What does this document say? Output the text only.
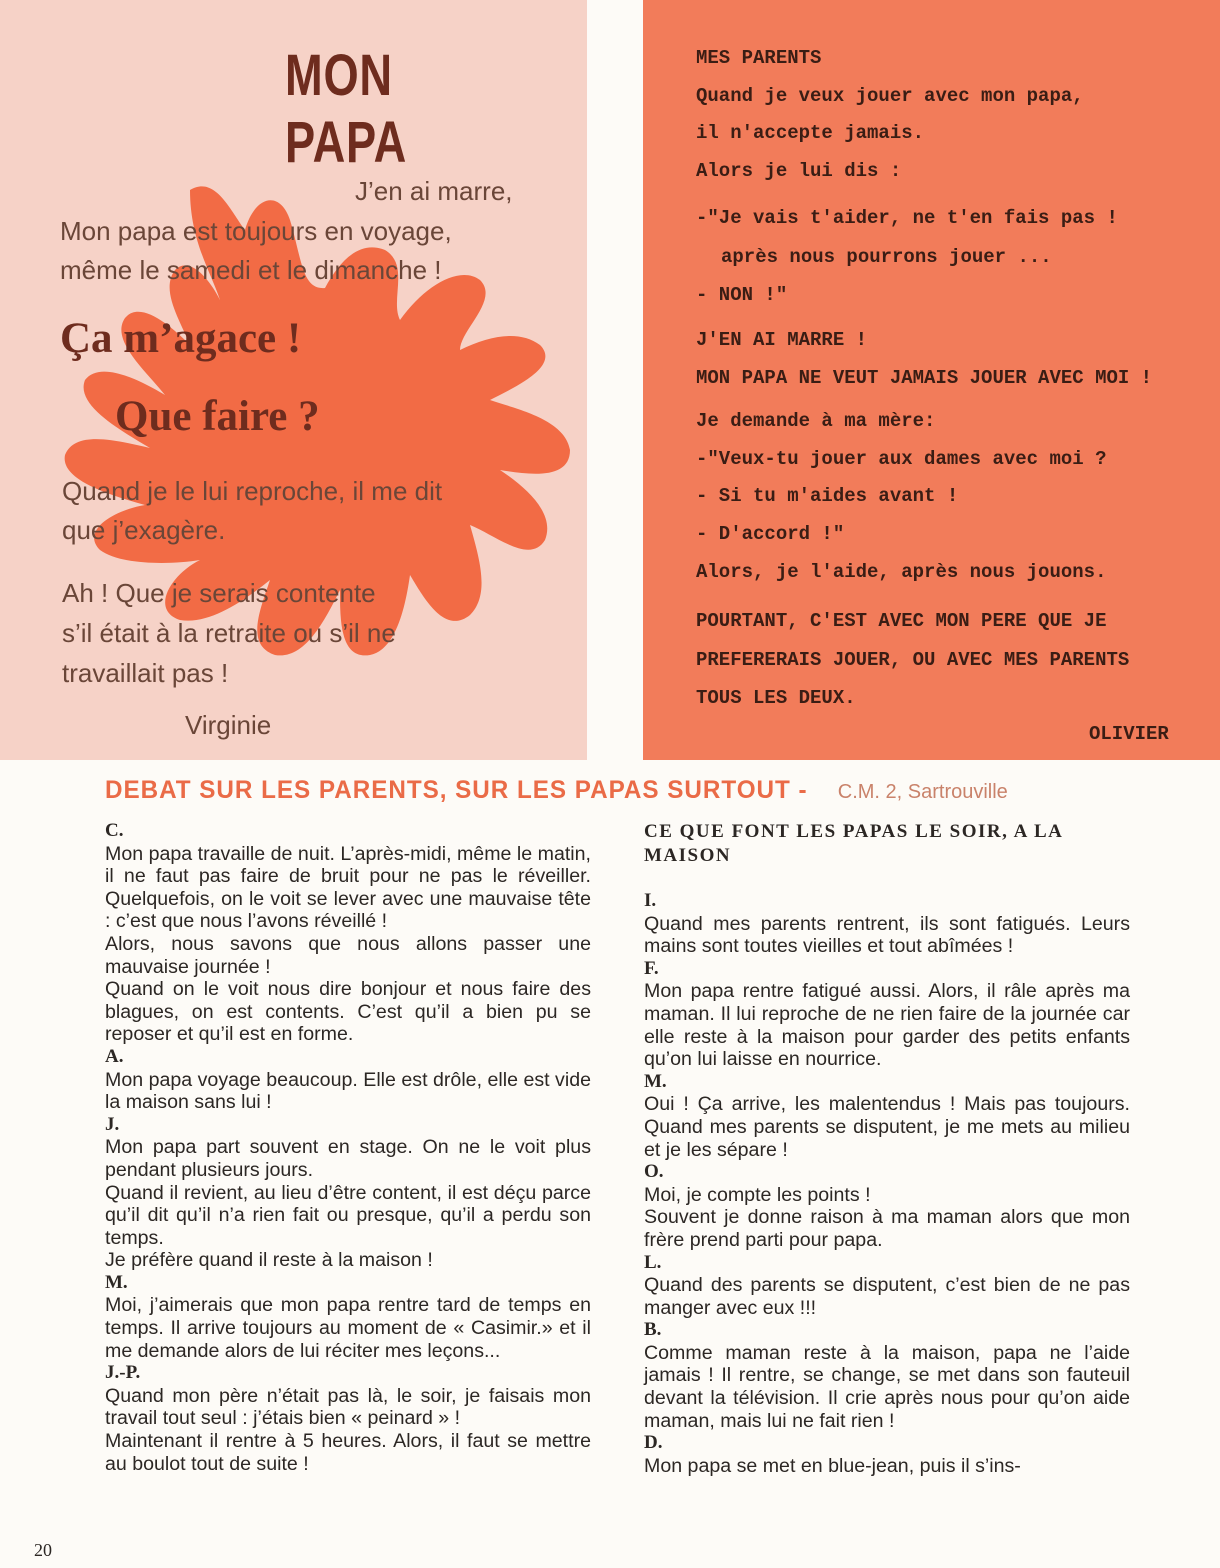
MON PAPA
J’en ai marre,
Mon papa est toujours en voyage,
même le samedi et le dimanche !
Ça m’agace !
Que faire ?
Quand je le lui reproche, il me dit
que j’exagère.
Ah ! Que je serais contente
s’il était à la retraite ou s’il ne
travaillait pas !
Virginie
MES PARENTS
Quand je veux jouer avec mon papa,
il n'accepte jamais.
Alors je lui dis :
-"Je vais t'aider, ne t'en fais pas !
après nous pourrons jouer ...
- NON !"
J'EN AI MARRE !
MON PAPA NE VEUT JAMAIS JOUER AVEC MOI !
Je demande à ma mère:
-"Veux-tu jouer aux dames avec moi ?
- Si tu m'aides avant !
- D'accord !"
Alors, je l'aide, après nous jouons.
POURTANT, C'EST AVEC MON PERE QUE JE
PREFERERAIS JOUER, OU AVEC MES PARENTS
TOUS LES DEUX.
OLIVIER
DEBAT SUR LES PARENTS, SUR LES PAPAS SURTOUT - C.M. 2, Sartrouville
C.

Mon papa travaille de nuit. L’après-midi, même le matin, il ne faut pas faire de bruit pour ne pas le réveiller. Quelquefois, on le voit se lever avec une mauvaise tête : c’est que nous l’avons réveillé !

Alors, nous savons que nous allons passer une mauvaise journée !

Quand on le voit nous dire bonjour et nous faire des blagues, on est contents. C’est qu’il a bien pu se reposer et qu’il est en forme.

A.

Mon papa voyage beaucoup. Elle est drôle, elle est vide la maison sans lui !

J.

Mon papa part souvent en stage. On ne le voit plus pendant plusieurs jours.

Quand il revient, au lieu d’être content, il est déçu parce qu’il dit qu’il n’a rien fait ou presque, qu’il a perdu son temps.

Je préfère quand il reste à la maison !

M.

Moi, j’aimerais que mon papa rentre tard de temps en temps. Il arrive toujours au moment de « Casimir.» et il me demande alors de lui réciter mes leçons...

J.-P.

Quand mon père n’était pas là, le soir, je faisais mon travail tout seul : j’étais bien « peinard » !

Maintenant il rentre à 5 heures. Alors, il faut se mettre au boulot tout de suite !

CE QUE FONT LES PAPAS LE SOIR, A LA MAISON
I.

Quand mes parents rentrent, ils sont fatigués. Leurs mains sont toutes vieilles et tout abîmées !

F.

Mon papa rentre fatigué aussi. Alors, il râle après ma maman. Il lui reproche de ne rien faire de la journée car elle reste à la maison pour garder des petits enfants qu’on lui laisse en nourrice.

M.

Oui ! Ça arrive, les malentendus ! Mais pas toujours. Quand mes parents se disputent, je me mets au milieu et je les sépare !

O.

Moi, je compte les points !

Souvent je donne raison à ma maman alors que mon frère prend parti pour papa.

L.

Quand des parents se disputent, c’est bien de ne pas manger avec eux !!!

B.

Comme maman reste à la maison, papa ne l’aide jamais ! Il rentre, se change, se met dans son fauteuil devant la télévision. Il crie après nous pour qu’on aide maman, mais lui ne fait rien !

D.

Mon papa se met en blue-jean, puis il s’ins-

20
